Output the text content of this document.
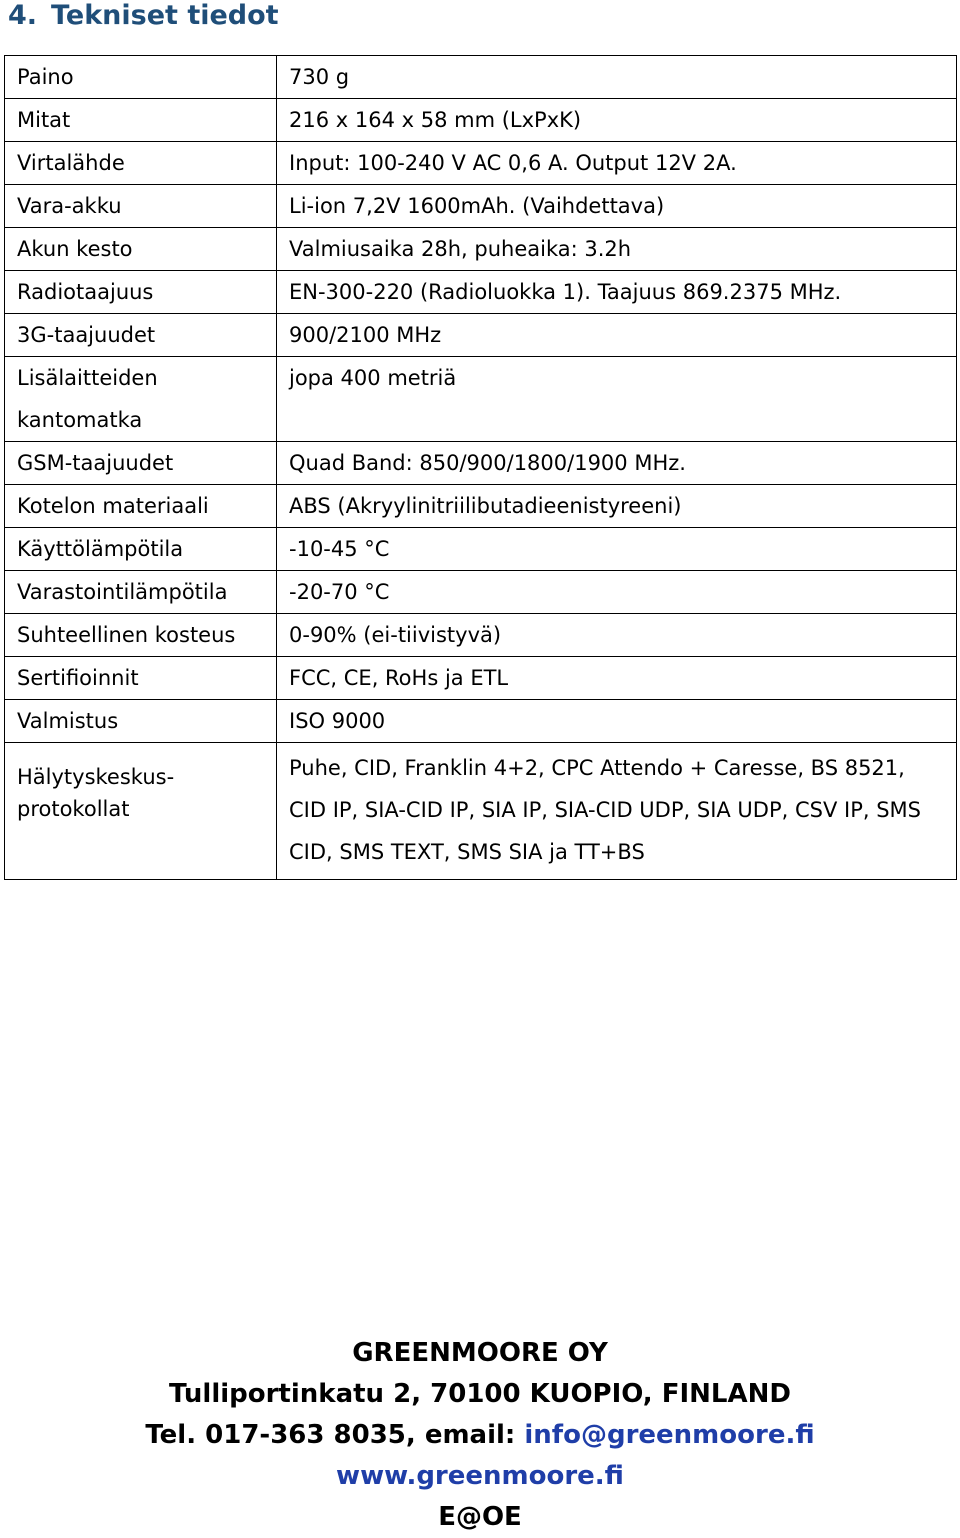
4. Tekniset tiedot
Paino	730 g
Mitat	216 x 164 x 58 mm (LxPxK)
Virtalähde	Input: 100-240 V AC 0,6 A. Output 12V 2A.
Vara-akku	Li-ion 7,2V 1600mAh. (Vaihdettava)
Akun kesto	Valmiusaika 28h, puheaika: 3.2h
Radiotaajuus	EN-300-220 (Radioluokka 1). Taajuus 869.2375 MHz.
3G-taajuudet	900/2100 MHz
Lisälaitteiden kantomatka	jopa 400 metriä
GSM-taajuudet	Quad Band: 850/900/1800/1900 MHz.
Kotelon materiaali	ABS (Akryylinitriilibutadieenistyreeni)
Käyttölämpötila	-10-45 °C
Varastointilämpötila	-20-70 °C
Suhteellinen kosteus	0-90% (ei-tiivistyvä)
Sertifioinnit	FCC, CE, RoHs ja ETL
Valmistus	ISO 9000
Hälytyskeskus-protokollat	Puhe, CID, Franklin 4+2, CPC Attendo + Caresse, BS 8521, CID IP, SIA-CID IP, SIA IP, SIA-CID UDP, SIA UDP, CSV IP, SMS CID, SMS TEXT, SMS SIA ja TT+BS
GREENMOORE OY
Tulliportinkatu 2, 70100 KUOPIO, FINLAND
Tel. 017-363 8035, email: info@greenmoore.fi
www.greenmoore.fi
E@OE
